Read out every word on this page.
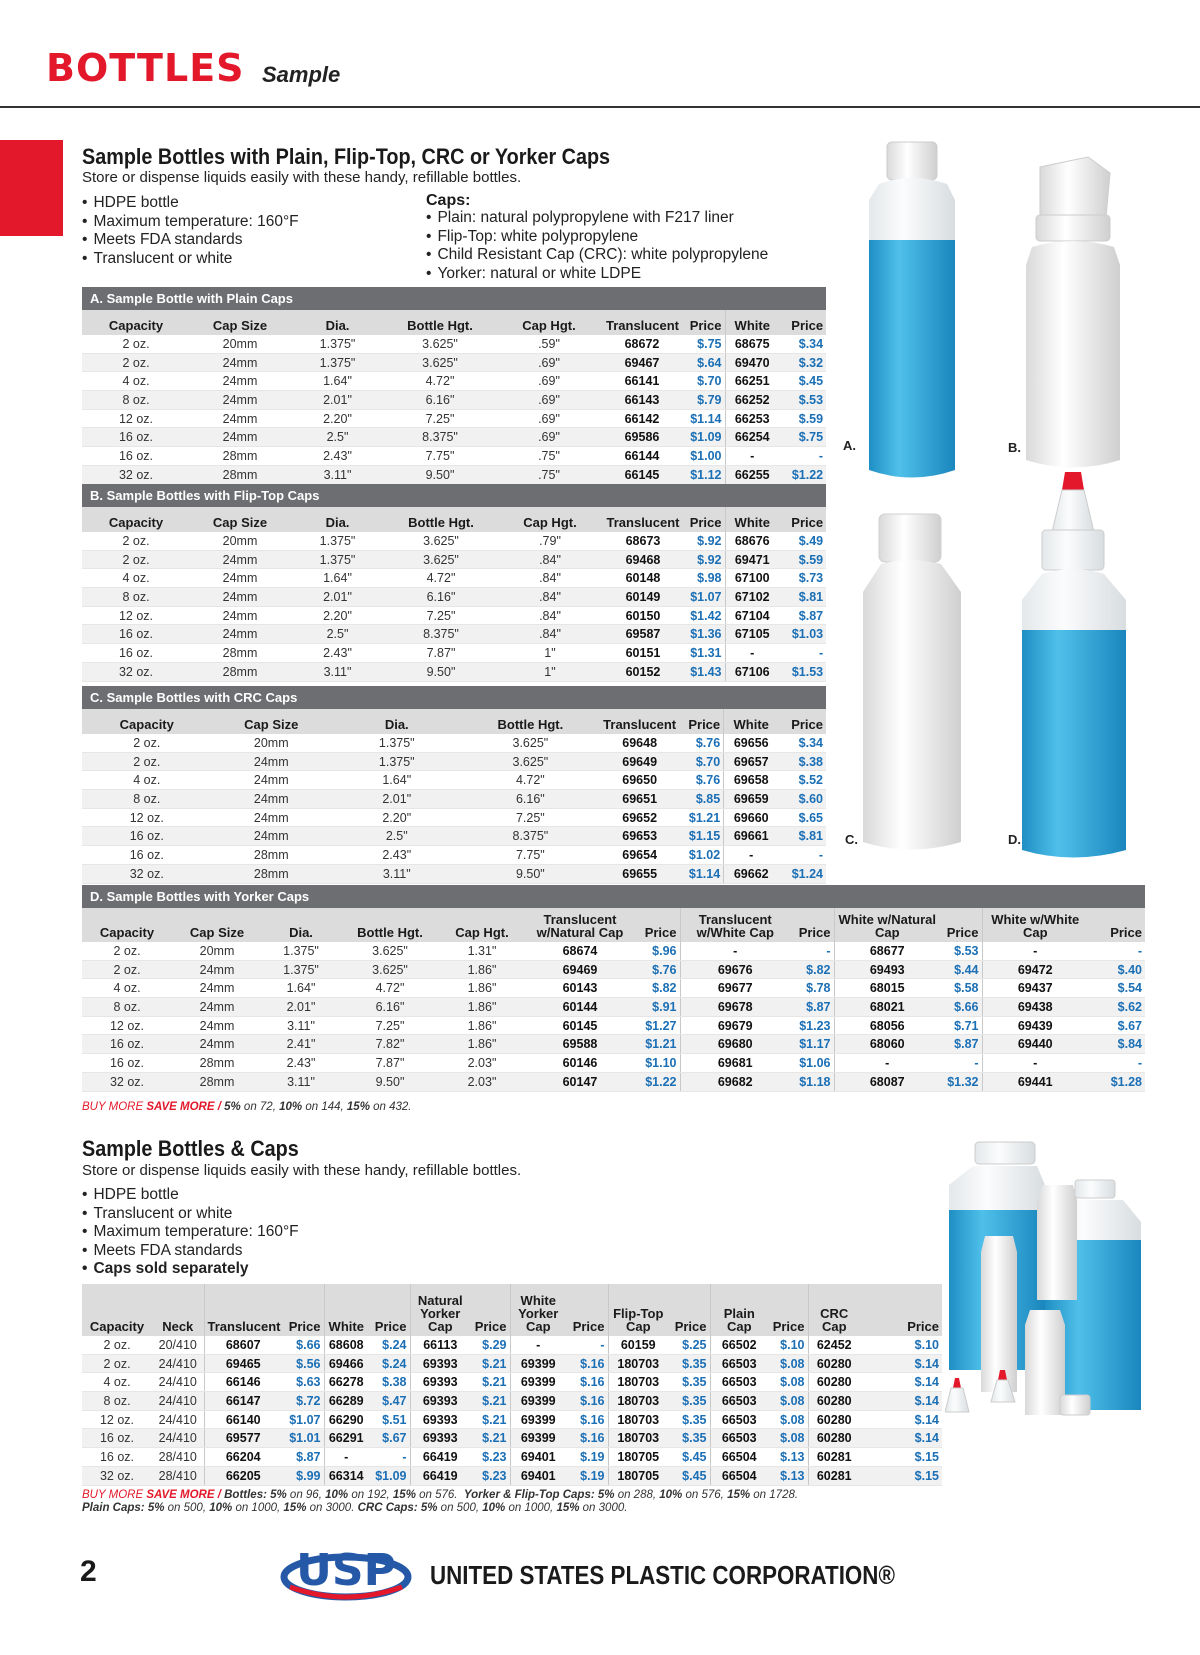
BOTTLES Sample
Sample Bottles with Plain, Flip-Top, CRC or Yorker Caps
Store or dispense liquids easily with these handy, refillable bottles.
• HDPE bottle
• Maximum temperature: 160°F
• Meets FDA standards
• Translucent or white
Caps:
• Plain: natural polypropylene with F217 liner
• Flip-Top: white polypropylene
• Child Resistant Cap (CRC): white polypropylene
• Yorker: natural or white LDPE
A. Sample Bottle with Plain Caps								
Capacity	Cap Size	Dia.	Bottle Hgt.	Cap Hgt.	Translucent	Price	White	Price
2 oz.	20mm	1.375"	3.625"	.59"	68672	$.75	68675	$.34
2 oz.	24mm	1.375"	3.625"	.69"	69467	$.64	69470	$.32
4 oz.	24mm	1.64"	4.72"	.69"	66141	$.70	66251	$.45
8 oz.	24mm	2.01"	6.16"	.69"	66143	$.79	66252	$.53
12 oz.	24mm	2.20"	7.25"	.69"	66142	$1.14	66253	$.59
16 oz.	24mm	2.5"	8.375"	.69"	69586	$1.09	66254	$.75
16 oz.	28mm	2.43"	7.75"	.75"	66144	$1.00	-	-
32 oz.	28mm	3.11"	9.50"	.75"	66145	$1.12	66255	$1.22
B. Sample Bottles with Flip-Top Caps								
Capacity	Cap Size	Dia.	Bottle Hgt.	Cap Hgt.	Translucent	Price	White	Price
2 oz.	20mm	1.375"	3.625"	.79"	68673	$.92	68676	$.49
2 oz.	24mm	1.375"	3.625"	.84"	69468	$.92	69471	$.59
4 oz.	24mm	1.64"	4.72"	.84"	60148	$.98	67100	$.73
8 oz.	24mm	2.01"	6.16"	.84"	60149	$1.07	67102	$.81
12 oz.	24mm	2.20"	7.25"	.84"	60150	$1.42	67104	$.87
16 oz.	24mm	2.5"	8.375"	.84"	69587	$1.36	67105	$1.03
16 oz.	28mm	2.43"	7.87"	1"	60151	$1.31	-	-
32 oz.	28mm	3.11"	9.50"	1"	60152	$1.43	67106	$1.53
C. Sample Bottles with CRC Caps							
Capacity	Cap Size	Dia.	Bottle Hgt.	Translucent	Price	White	Price
2 oz.	20mm	1.375"	3.625"	69648	$.76	69656	$.34
2 oz.	24mm	1.375"	3.625"	69649	$.70	69657	$.38
4 oz.	24mm	1.64"	4.72"	69650	$.76	69658	$.52
8 oz.	24mm	2.01"	6.16"	69651	$.85	69659	$.60
12 oz.	24mm	2.20"	7.25"	69652	$1.21	69660	$.65
16 oz.	24mm	2.5"	8.375"	69653	$1.15	69661	$.81
16 oz.	28mm	2.43"	7.75"	69654	$1.02	-	-
32 oz.	28mm	3.11"	9.50"	69655	$1.14	69662	$1.24
D. Sample Bottles with Yorker Caps												
Capacity	Cap Size	Dia.	Bottle Hgt.	Cap Hgt.	Translucent w/Natural Cap	Price	Translucent w/White Cap	Price	White w/Natural Cap	Price	White w/White Cap	Price
2 oz.	20mm	1.375"	3.625"	1.31"	68674	$.96	-	-	68677	$.53	-	-
2 oz.	24mm	1.375"	3.625"	1.86"	69469	$.76	69676	$.82	69493	$.44	69472	$.40
4 oz.	24mm	1.64"	4.72"	1.86"	60143	$.82	69677	$.78	68015	$.58	69437	$.54
8 oz.	24mm	2.01"	6.16"	1.86"	60144	$.91	69678	$.87	68021	$.66	69438	$.62
12 oz.	24mm	3.11"	7.25"	1.86"	60145	$1.27	69679	$1.23	68056	$.71	69439	$.67
16 oz.	24mm	2.41"	7.82"	1.86"	69588	$1.21	69680	$1.17	68060	$.87	69440	$.84
16 oz.	28mm	2.43"	7.87"	2.03"	60146	$1.10	69681	$1.06	-	-	-	-
32 oz.	28mm	3.11"	9.50"	2.03"	60147	$1.22	69682	$1.18	68087	$1.32	69441	$1.28
BUY MORE SAVE MORE / 5% on 72, 10% on 144, 15% on 432.
Sample Bottles & Caps
Store or dispense liquids easily with these handy, refillable bottles.
• HDPE bottle
• Translucent or white
• Maximum temperature: 160°F
• Meets FDA standards
• Caps sold separately
Capacity	Neck	Translucent	Price	White	Price	Natural Yorker Cap	Price	White Yorker Cap	Price	Flip-Top Cap	Price	Plain Cap	Price	CRC Cap	Price
2 oz.	20/410	68607	$.66	68608	$.24	66113	$.29	-	-	60159	$.25	66502	$.10	62452	$.10
2 oz.	24/410	69465	$.56	69466	$.24	69393	$.21	69399	$.16	180703	$.35	66503	$.08	60280	$.14
4 oz.	24/410	66146	$.63	66278	$.38	69393	$.21	69399	$.16	180703	$.35	66503	$.08	60280	$.14
8 oz.	24/410	66147	$.72	66289	$.47	69393	$.21	69399	$.16	180703	$.35	66503	$.08	60280	$.14
12 oz.	24/410	66140	$1.07	66290	$.51	69393	$.21	69399	$.16	180703	$.35	66503	$.08	60280	$.14
16 oz.	24/410	69577	$1.01	66291	$.67	69393	$.21	69399	$.16	180703	$.35	66503	$.08	60280	$.14
16 oz.	28/410	66204	$.87	-	-	66419	$.23	69401	$.19	180705	$.45	66504	$.13	60281	$.15
32 oz.	28/410	66205	$.99	66314	$1.09	66419	$.23	69401	$.19	180705	$.45	66504	$.13	60281	$.15
BUY MORE SAVE MORE / Bottles: 5% on 96, 10% on 192, 15% on 576. Yorker & Flip-Top Caps: 5% on 288, 10% on 576, 15% on 1728.
Plain Caps: 5% on 500, 10% on 1000, 15% on 3000. CRC Caps: 5% on 500, 10% on 1000, 15% on 3000.
A.	B.
C.	D.
2	USP UNITED STATES PLASTIC CORPORATION®
